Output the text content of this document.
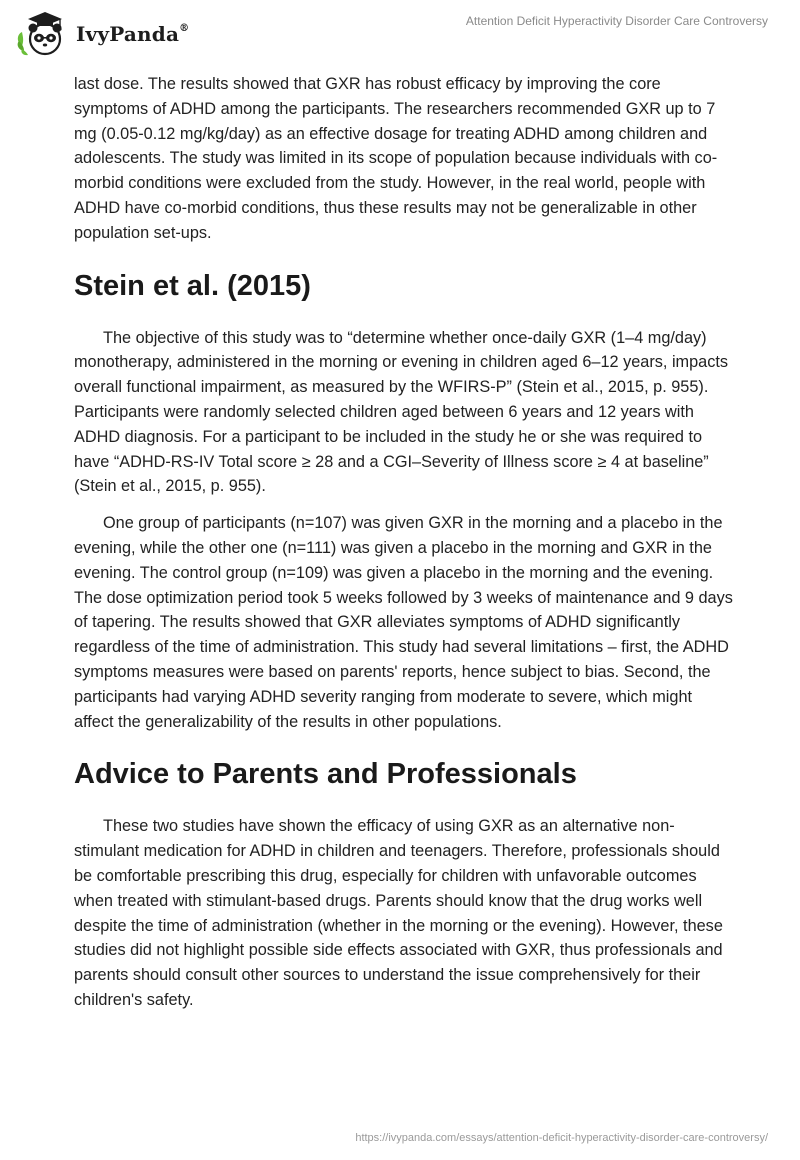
IvyPanda®
Attention Deficit Hyperactivity Disorder Care Controversy

last dose. The results showed that GXR has robust efficacy by improving the core symptoms of ADHD among the participants. The researchers recommended GXR up to 7 mg (0.05-0.12 mg/kg/day) as an effective dosage for treating ADHD among children and adolescents. The study was limited in its scope of population because individuals with co-morbid conditions were excluded from the study. However, in the real world, people with ADHD have co-morbid conditions, thus these results may not be generalizable in other population set-ups.

Stein et al. (2015)

The objective of this study was to “determine whether once-daily GXR (1–4 mg/day) monotherapy, administered in the morning or evening in children aged 6–12 years, impacts overall functional impairment, as measured by the WFIRS-P” (Stein et al., 2015, p. 955). Participants were randomly selected children aged between 6 years and 12 years with ADHD diagnosis. For a participant to be included in the study he or she was required to have “ADHD-RS-IV Total score ≥ 28 and a CGI–Severity of Illness score ≥ 4 at baseline” (Stein et al., 2015, p. 955).

One group of participants (n=107) was given GXR in the morning and a placebo in the evening, while the other one (n=111) was given a placebo in the morning and GXR in the evening. The control group (n=109) was given a placebo in the morning and the evening. The dose optimization period took 5 weeks followed by 3 weeks of maintenance and 9 days of tapering. The results showed that GXR alleviates symptoms of ADHD significantly regardless of the time of administration. This study had several limitations – first, the ADHD symptoms measures were based on parents' reports, hence subject to bias. Second, the participants had varying ADHD severity ranging from moderate to severe, which might affect the generalizability of the results in other populations.

Advice to Parents and Professionals

These two studies have shown the efficacy of using GXR as an alternative non-stimulant medication for ADHD in children and teenagers. Therefore, professionals should be comfortable prescribing this drug, especially for children with unfavorable outcomes when treated with stimulant-based drugs. Parents should know that the drug works well despite the time of administration (whether in the morning or the evening). However, these studies did not highlight possible side effects associated with GXR, thus professionals and parents should consult other sources to understand the issue comprehensively for their children's safety.

https://ivypanda.com/essays/attention-deficit-hyperactivity-disorder-care-controversy/
